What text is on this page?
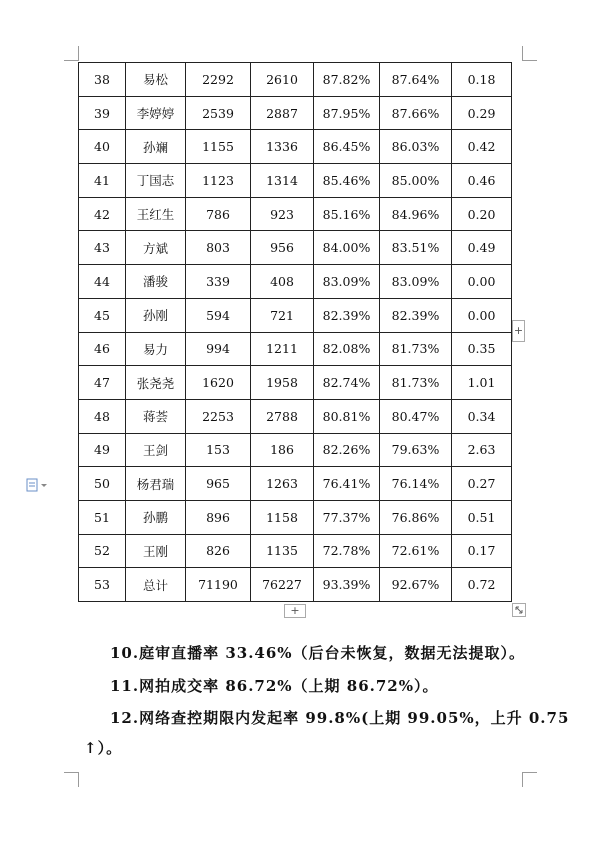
38	易松	2292	2610	87.82%	87.64%	0.18
39	李婷婷	2539	2887	87.95%	87.66%	0.29
40	孙斓	1155	1336	86.45%	86.03%	0.42
41	丁国志	1123	1314	85.46%	85.00%	0.46
42	王红生	786	923	85.16%	84.96%	0.20
43	方斌	803	956	84.00%	83.51%	0.49
44	潘骏	339	408	83.09%	83.09%	0.00
45	孙刚	594	721	82.39%	82.39%	0.00
46	易力	994	1211	82.08%	81.73%	0.35
47	张尧尧	1620	1958	82.74%	81.73%	1.01
48	蒋荟	2253	2788	80.81%	80.47%	0.34
49	王剑	153	186	82.26%	79.63%	2.63
50	杨君瑞	965	1263	76.41%	76.14%	0.27
51	孙鹏	896	1158	77.37%	76.86%	0.51
52	王刚	826	1135	72.78%	72.61%	0.17
53	总计	71190	76227	93.39%	92.67%	0.72
+
+
10.庭审直播率 33.46%（后台未恢复，数据无法提取）。
11.网拍成交率 86.72%（上期 86.72%）。
12.网络查控期限内发起率 99.8%(上期 99.05%，上升 0.75
↑）。
